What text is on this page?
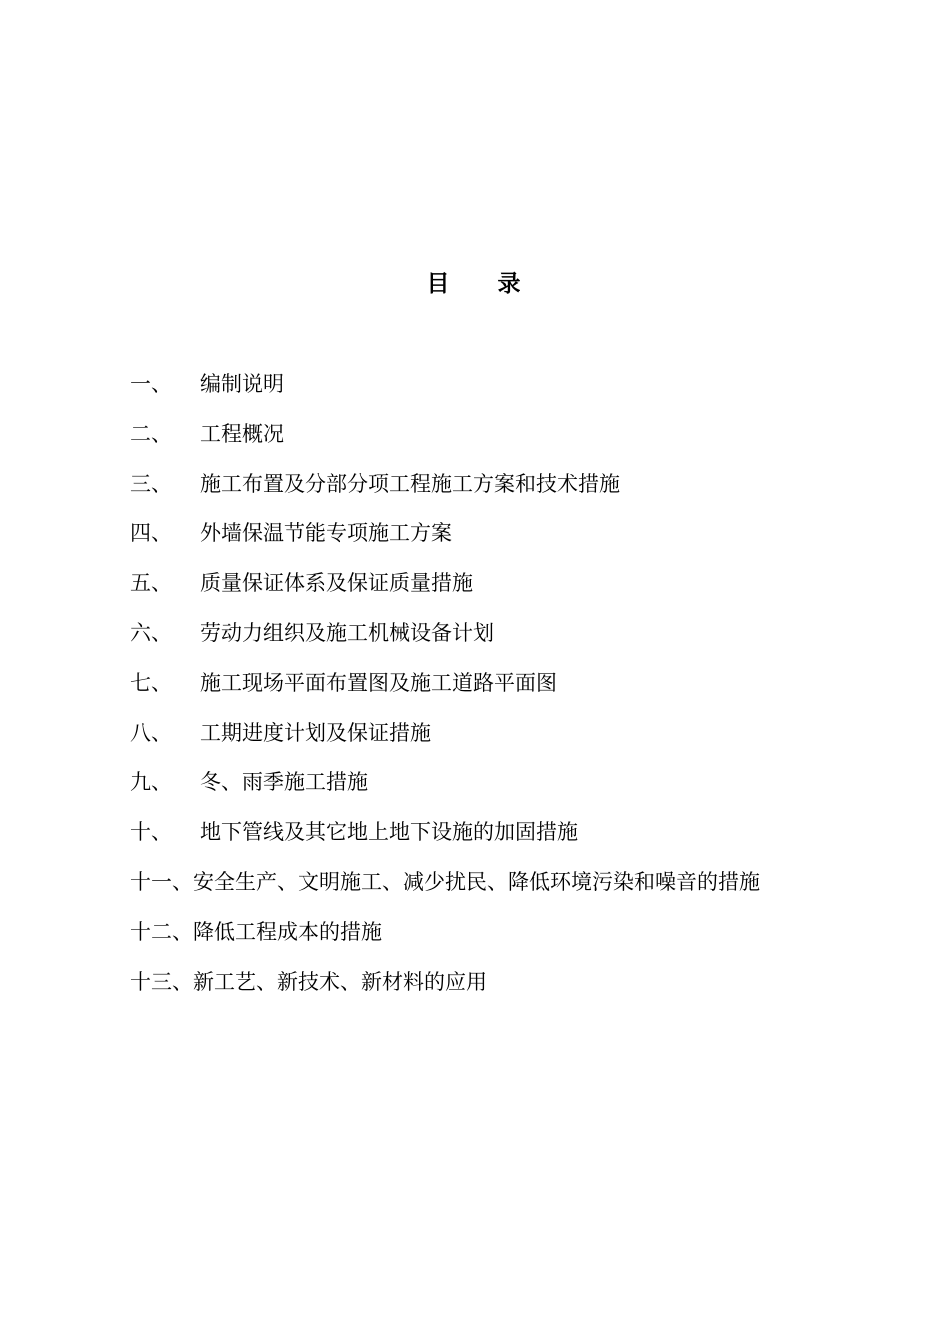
目 录
一、	编制说明
二、	工程概况
三、	施工布置及分部分项工程施工方案和技术措施
四、	外墙保温节能专项施工方案
五、	质量保证体系及保证质量措施
六、	劳动力组织及施工机械设备计划
七、	施工现场平面布置图及施工道路平面图
八、	工期进度计划及保证措施
九、	冬、雨季施工措施
十、	地下管线及其它地上地下设施的加固措施
十一、 安全生产、文明施工、减少扰民、降低环境污染和噪音的措施
十二、 降低工程成本的措施
十三、 新工艺、新技术、新材料的应用
